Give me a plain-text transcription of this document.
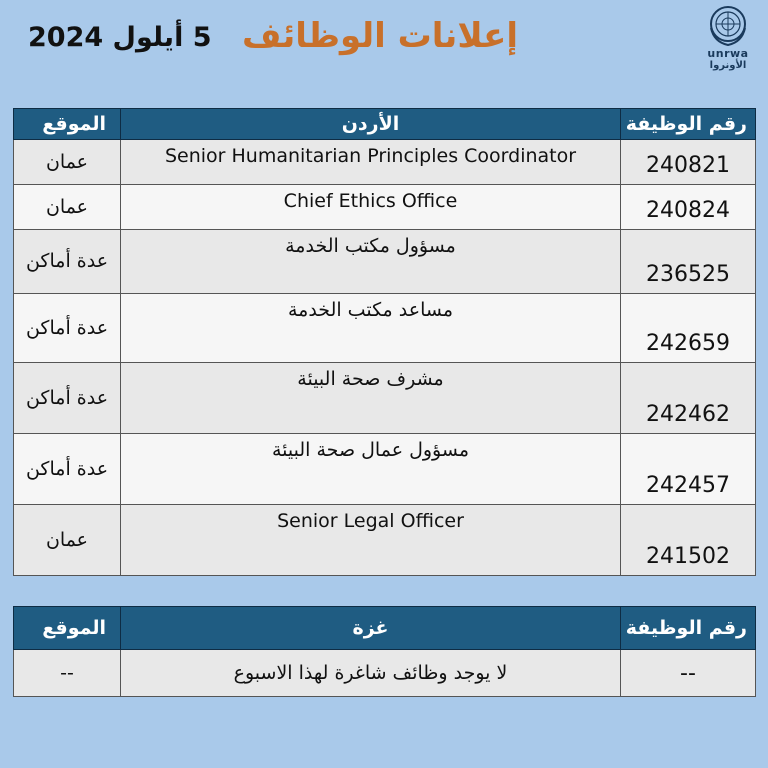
5 أيلول 2024 إعلانات الوظائف	unrwa
الأونروا
الموقع	الأردن	رقم الوظيفة
عمان	Senior Humanitarian Principles Coordinator	240821
عمان	Chief Ethics Office	240824
عدة أماكن	مسؤول مكتب الخدمة	236525
عدة أماكن	مساعد مكتب الخدمة	242659
عدة أماكن	مشرف صحة البيئة	242462
عدة أماكن	مسؤول عمال صحة البيئة	242457
عمان	Senior Legal Officer	241502
الموقع	غزة	رقم الوظيفة
--	لا يوجد وظائف شاغرة لهذا الاسبوع	--
